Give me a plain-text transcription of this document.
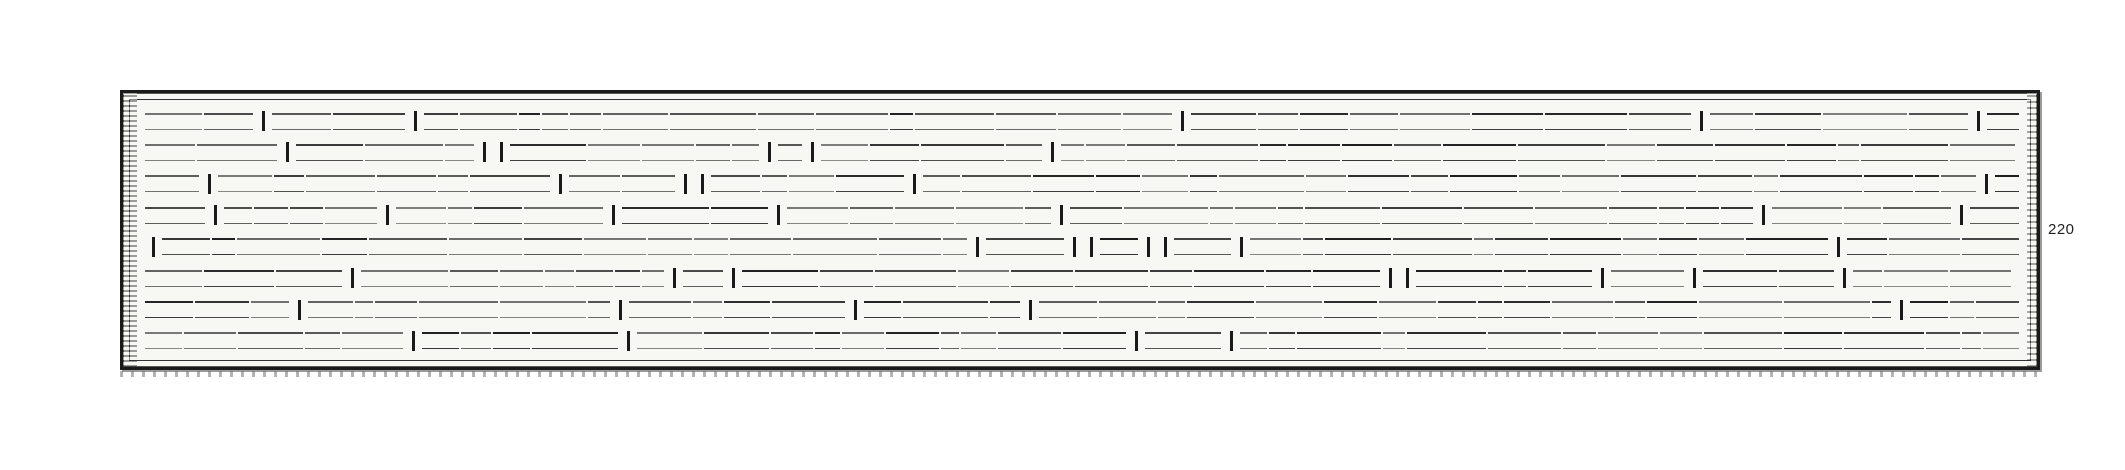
220
